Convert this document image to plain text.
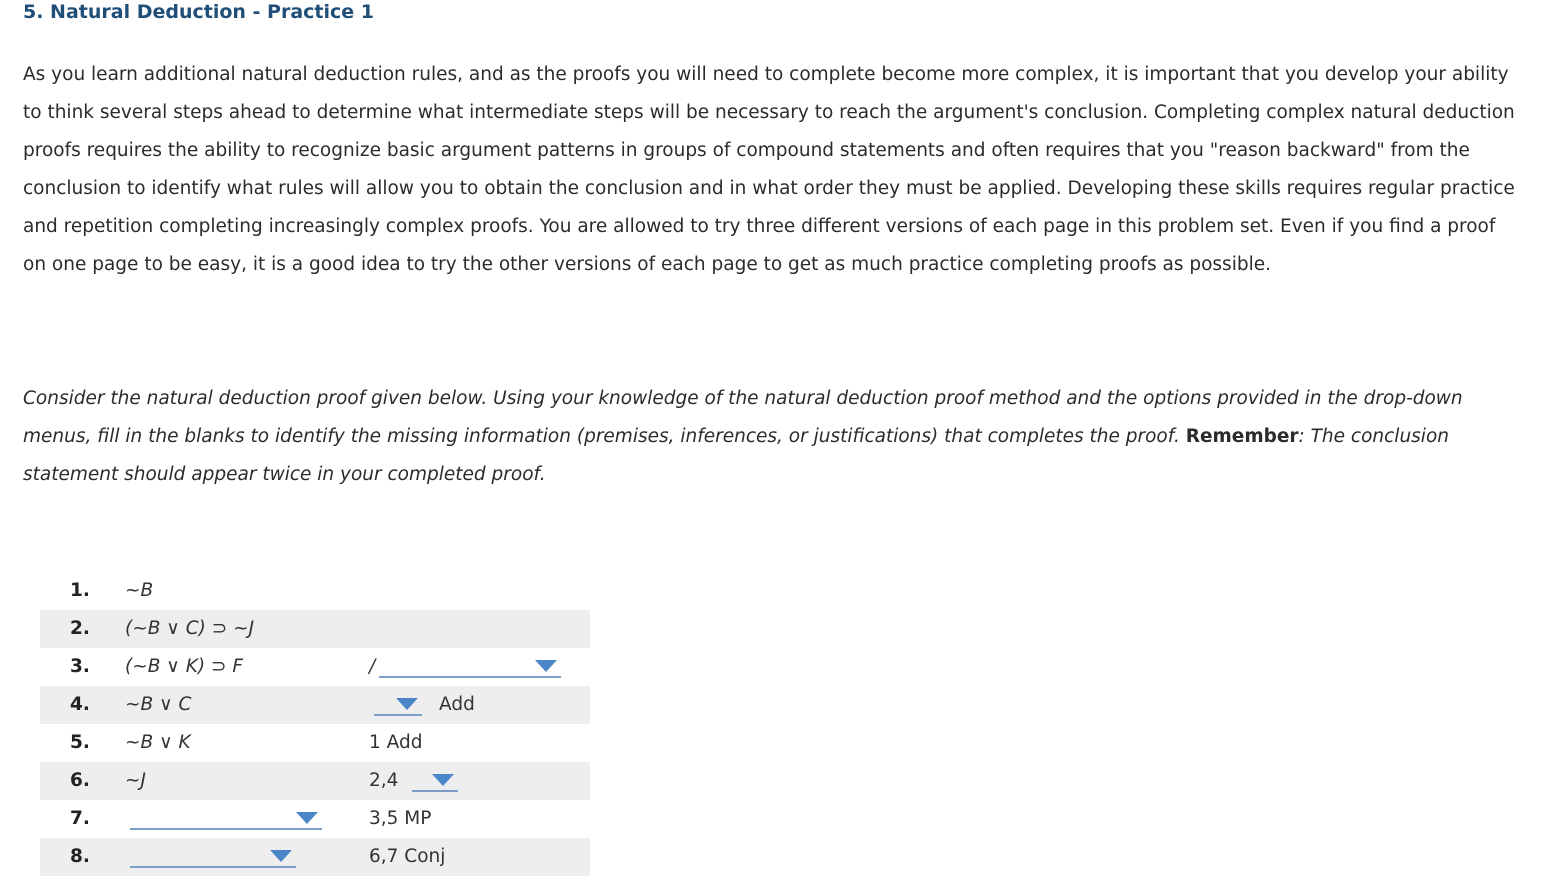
5. Natural Deduction - Practice 1
As you learn additional natural deduction rules, and as the proofs you will need to complete become more complex, it is important that you develop your ability to think several steps ahead to determine what intermediate steps will be necessary to reach the argument's conclusion. Completing complex natural deduction proofs requires the ability to recognize basic argument patterns in groups of compound statements and often requires that you "reason backward" from the conclusion to identify what rules will allow you to obtain the conclusion and in what order they must be applied. Developing these skills requires regular practice and repetition completing increasingly complex proofs. You are allowed to try three different versions of each page in this problem set. Even if you find a proof on one page to be easy, it is a good idea to try the other versions of each page to get as much practice completing proofs as possible.
Consider the natural deduction proof given below. Using your knowledge of the natural deduction proof method and the options provided in the drop-down menus, fill in the blanks to identify the missing information (premises, inferences, or justifications) that completes the proof. Remember: The conclusion statement should appear twice in your completed proof.
1. ~B
2. (~B ∨ C) ⊃ ~J
3. (~B ∨ K) ⊃ F	/
4. ~B ∨ C	Add
5. ~B ∨ K	1 Add
6. ~J	2,4
7.	3,5 MP
8.	6,7 Conj
